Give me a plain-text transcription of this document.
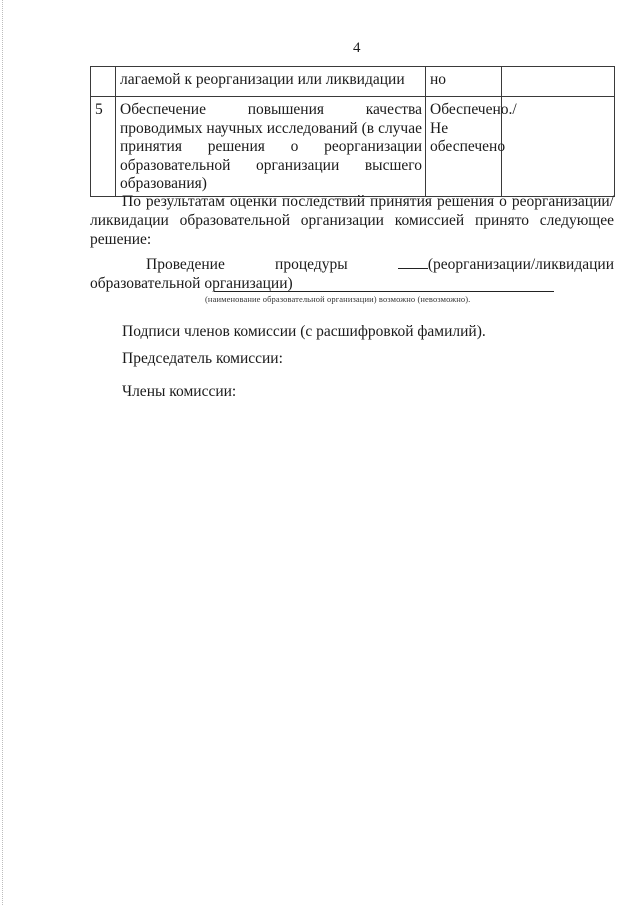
4
	лагаемой к реорганизации или ликвидации	но	
5	Обеспечение повышения качества проводимых научных исследований (в случае принятия решения о реорганизации образовательной организации высшего образования)	Обеспечено./Не обеспечено	
По результатам оценки последствий принятия решения о реорганизации/ликвидации образовательной организации комиссией принято следующее решение:
Проведение процедуры	(реорганизации/ликвидации образовательной организации)
(наименование образовательной организации) возможно (невозможно).
Подписи членов комиссии (с расшифровкой фамилий).
Председатель комиссии:
Члены комиссии:
